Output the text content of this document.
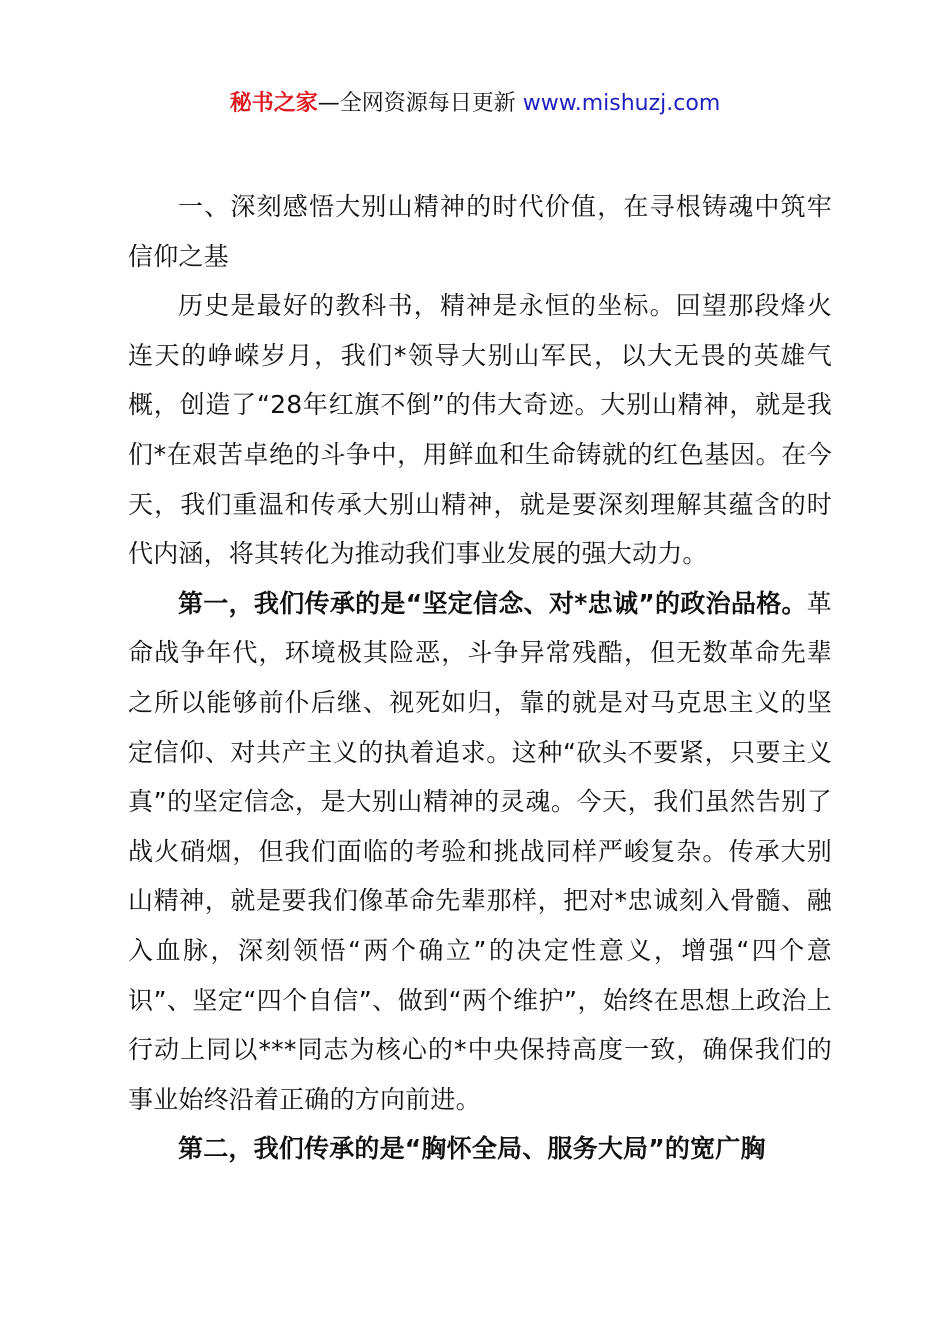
秘书之家—全网资源每日更新 www.mishuzj.com

一、深刻感悟大别山精神的时代价值，在寻根铸魂中筑牢信仰之基

历史是最好的教科书，精神是永恒的坐标。回望那段烽火连天的峥嵘岁月，我们*领导大别山军民，以大无畏的英雄气概，创造了“28年红旗不倒”的伟大奇迹。大别山精神，就是我们*在艰苦卓绝的斗争中，用鲜血和生命铸就的红色基因。在今天，我们重温和传承大别山精神，就是要深刻理解其蕴含的时代内涵，将其转化为推动我们事业发展的强大动力。

第一，我们传承的是“坚定信念、对*忠诚”的政治品格。革命战争年代，环境极其险恶，斗争异常残酷，但无数革命先辈之所以能够前仆后继、视死如归，靠的就是对马克思主义的坚定信仰、对共产主义的执着追求。这种“砍头不要紧，只要主义真”的坚定信念，是大别山精神的灵魂。今天，我们虽然告别了战火硝烟，但我们面临的考验和挑战同样严峻复杂。传承大别山精神，就是要我们像革命先辈那样，把对*忠诚刻入骨髓、融入血脉，深刻领悟“两个确立”的决定性意义，增强“四个意识”、坚定“四个自信”、做到“两个维护”，始终在思想上政治上行动上同以***同志为核心的*中央保持高度一致，确保我们的事业始终沿着正确的方向前进。

第二，我们传承的是“胸怀全局、服务大局”的宽广胸
